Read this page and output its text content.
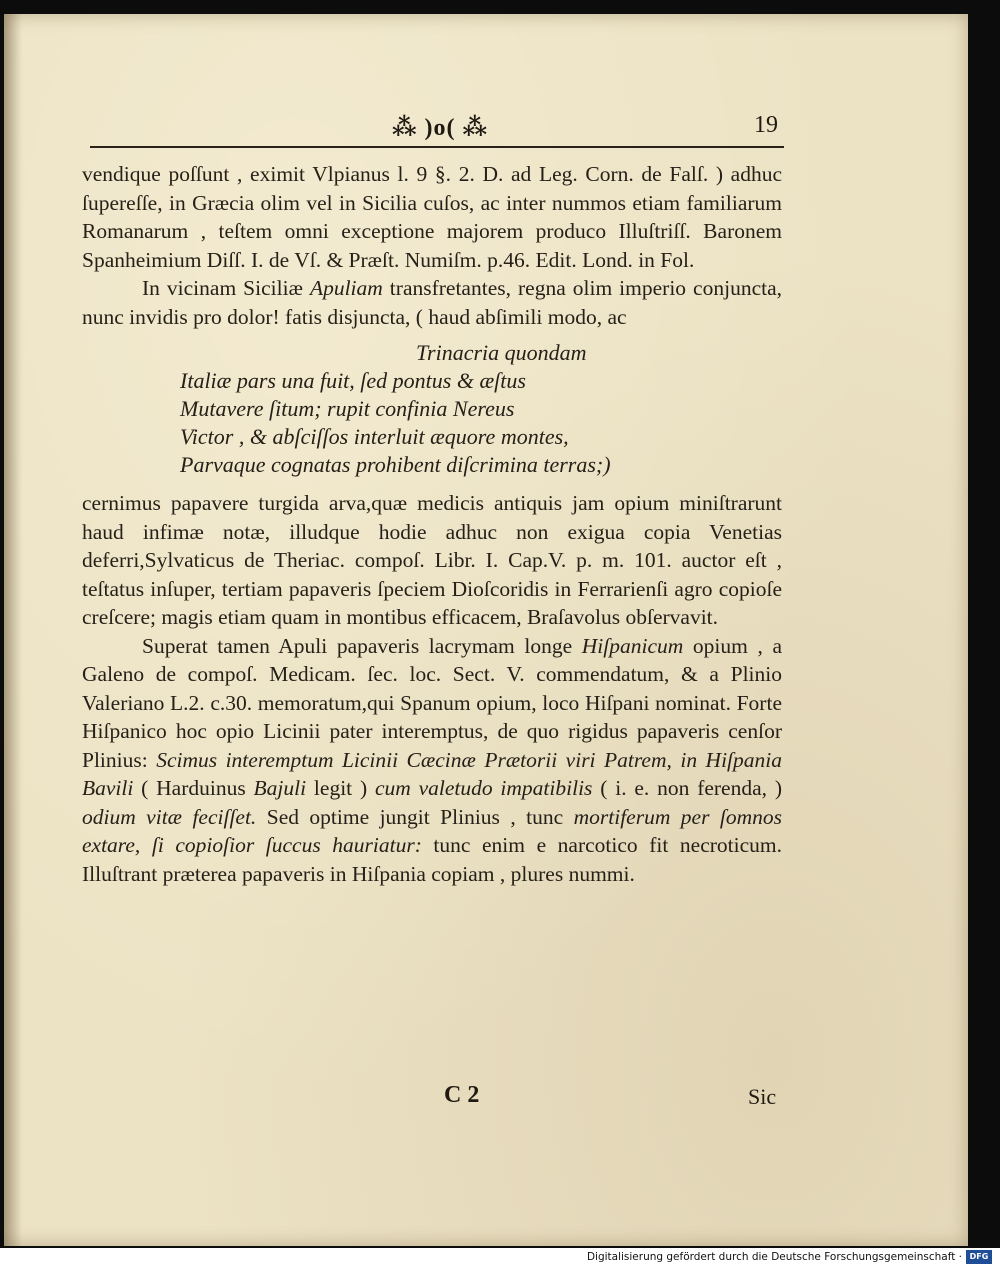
⁂ )o( ⁂	19

vendique poſſunt , eximit Vlpianus l. 9 §. 2. D. ad Leg. Corn. de Falſ. ) adhuc ſupereſſe, in Græcia olim vel in Sicilia cuſos, ac inter nummos etiam familiarum Romanarum , teſtem omni exceptione majorem produco Illuſtriſſ. Baronem Spanheimium Diſſ. I. de Vſ. & Præſt. Numiſm. p.46. Edit. Lond. in Fol.

In vicinam Siciliæ Apuliam transfretantes, regna olim imperio conjuncta, nunc invidis pro dolor! fatis disjuncta, ( haud abſimili modo, ac

Trinacria quondam
Italiæ pars una fuit, ſed pontus & æſtus
Mutavere ſitum; rupit confinia Nereus
Victor , & abſciſſos interluit æquore montes,
Parvaque cognatas prohibent diſcrimina terras;)

cernimus papavere turgida arva,quæ medicis antiquis jam opium miniſtrarunt haud infimæ notæ, illudque hodie adhuc non exigua copia Venetias deferri,Sylvaticus de Theriac. compoſ. Libr. I. Cap.V. p. m. 101. auctor eſt , teſtatus inſuper, tertiam papaveris ſpeciem Dioſcoridis in Ferrarienſi agro copioſe creſcere; magis etiam quam in montibus efficacem, Braſavolus obſervavit.

Superat tamen Apuli papaveris lacrymam longe Hiſpanicum opium , a Galeno de compoſ. Medicam. ſec. loc. Sect. V. commendatum, & a Plinio Valeriano L.2. c.30. memoratum,qui Spanum opium, loco Hiſpani nominat. Forte Hiſpanico hoc opio Licinii pater interemptus, de quo rigidus papaveris cenſor Plinius: Scimus interemptum Licinii Cæcinæ Prætorii viri Patrem, in Hiſpania Bavili ( Harduinus Bajuli legit ) cum valetudo impatibilis ( i. e. non ferenda, ) odium vitæ feciſſet. Sed optime jungit Plinius , tunc mortiferum per ſomnos extare, ſi copioſior ſuccus hauriatur: tunc enim e narcotico fit necroticum. Illuſtrant præterea papaveris in Hiſpania copiam , plures nummi.

C 2	Sic
Digitalisierung gefördert durch die Deutsche Forschungsgemeinschaft · DFG
